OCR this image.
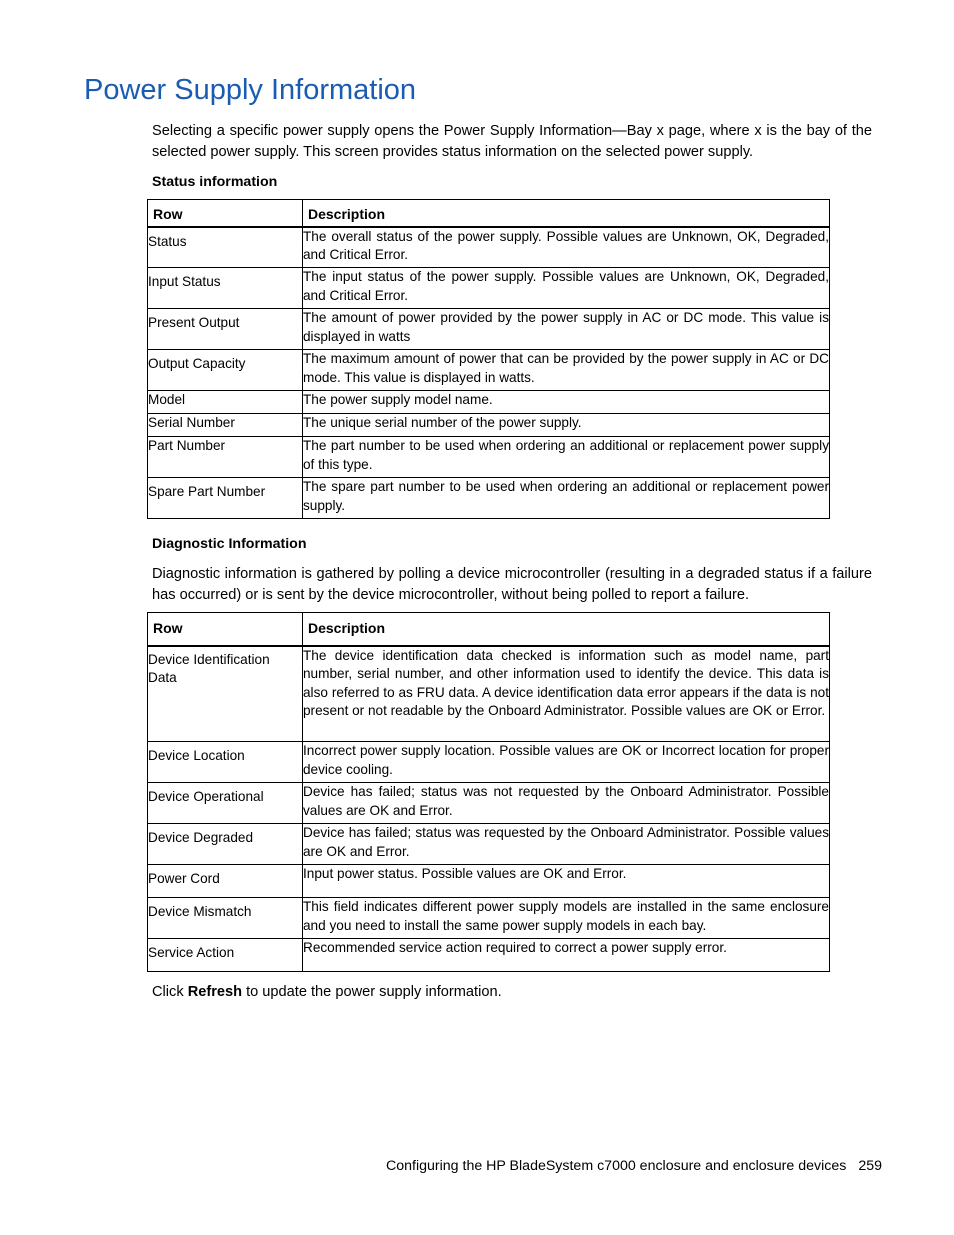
Power Supply Information

Selecting a specific power supply opens the Power Supply Information—Bay x page, where x is the bay of the selected power supply. This screen provides status information on the selected power supply.

Status information

Row	Description
Status	The overall status of the power supply. Possible values are Unknown, OK, Degraded, and Critical Error.
Input Status	The input status of the power supply. Possible values are Unknown, OK, Degraded, and Critical Error.
Present Output	The amount of power provided by the power supply in AC or DC mode. This value is displayed in watts
Output Capacity	The maximum amount of power that can be provided by the power supply in AC or DC mode. This value is displayed in watts.
Model	The power supply model name.
Serial Number	The unique serial number of the power supply.
Part Number	The part number to be used when ordering an additional or replacement power supply of this type.
Spare Part Number	The spare part number to be used when ordering an additional or replacement power supply.

Diagnostic Information

Diagnostic information is gathered by polling a device microcontroller (resulting in a degraded status if a failure has occurred) or is sent by the device microcontroller, without being polled to report a failure.

Row	Description
Device Identification Data	The device identification data checked is information such as model name, part number, serial number, and other information used to identify the device. This data is also referred to as FRU data. A device identification data error appears if the data is not present or not readable by the Onboard Administrator. Possible values are OK or Error.
Device Location	Incorrect power supply location. Possible values are OK or Incorrect location for proper device cooling.
Device Operational	Device has failed; status was not requested by the Onboard Administrator. Possible values are OK and Error.
Device Degraded	Device has failed; status was requested by the Onboard Administrator. Possible values are OK and Error.
Power Cord	Input power status. Possible values are OK and Error.
Device Mismatch	This field indicates different power supply models are installed in the same enclosure and you need to install the same power supply models in each bay.
Service Action	Recommended service action required to correct a power supply error.

Click Refresh to update the power supply information.

Configuring the HP BladeSystem c7000 enclosure and enclosure devices 259
